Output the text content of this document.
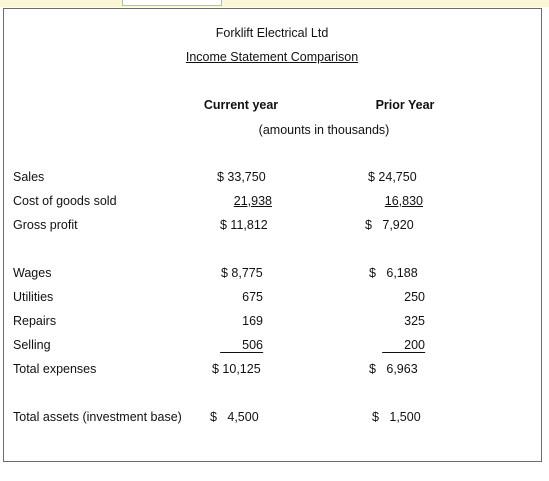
Forklift Electrical Ltd
Income Statement Comparison
Current year	Prior Year
(amounts in thousands)
Sales	$ 33,750	$ 24,750
Cost of goods sold	21,938	16,830
Gross profit	$ 11,812	$   7,920
Wages	$ 8,775	$   6,188
Utilities	675	250
Repairs	169	325
Selling	506	200
Total expenses	$ 10,125	$   6,963
Total assets (investment base) $   4,500	$   1,500
